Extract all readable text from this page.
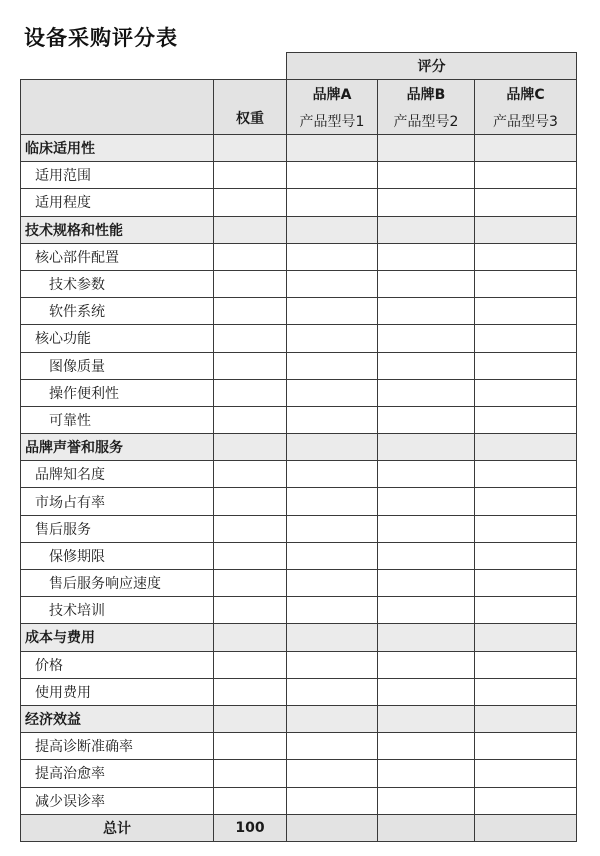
设备采购评分表
		评分		
	权重	品牌A	品牌B	品牌C
		产品型号1	产品型号2	产品型号3
临床适用性				
适用范围				
适用程度				
技术规格和性能				
核心部件配置				
技术参数				
软件系统				
核心功能				
图像质量				
操作便利性				
可靠性				
品牌声誉和服务				
品牌知名度				
市场占有率				
售后服务				
保修期限				
售后服务响应速度				
技术培训				
成本与费用				
价格				
使用费用				
经济效益				
提高诊断准确率				
提高治愈率				
减少误诊率				
总计	100			
